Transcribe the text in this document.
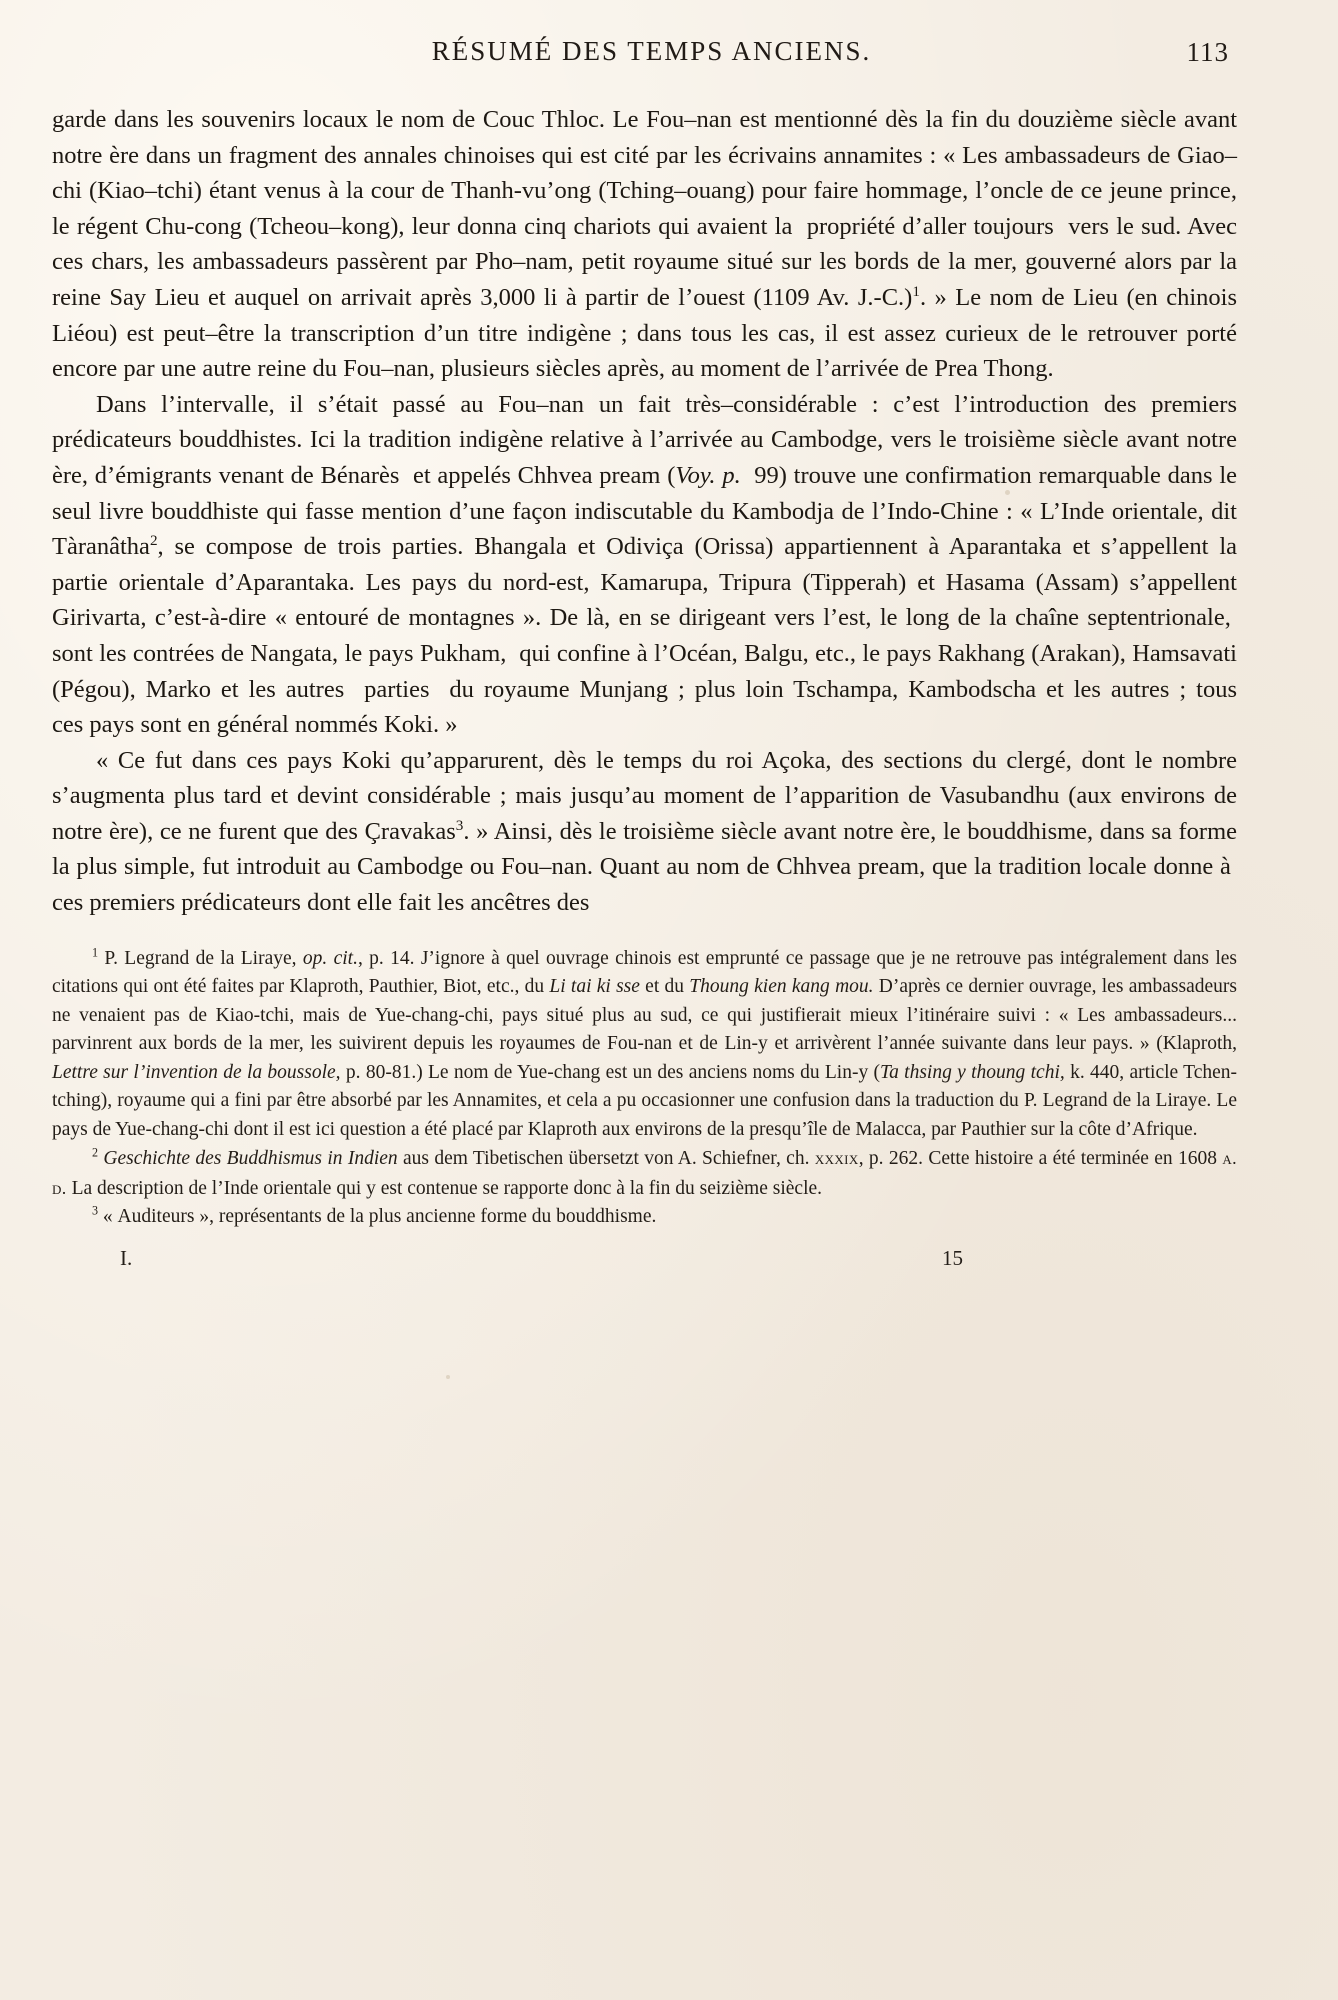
RÉSUMÉ DES TEMPS ANCIENS.	113

garde dans les souvenirs locaux le nom de Couc Thloc. Le Fou–nan est mentionné dès la fin du douzième siècle avant notre ère dans un fragment des annales chinoises qui est cité par les écrivains annamites : « Les ambassadeurs de Giao–chi (Kiao–tchi) étant venus à la cour de Thanh-vu’ong (Tching–ouang) pour faire hommage, l’oncle de ce jeune prince, le régent Chu-cong (Tcheou–kong), leur donna cinq chariots qui avaient la  propriété d’aller toujours  vers le sud. Avec ces chars, les ambassadeurs passèrent par Pho–nam, petit royaume situé sur les bords de la mer, gouverné alors par la reine Say Lieu et auquel on arrivait après 3,000 li à partir de l’ouest (1109 Av. J.-C.)$^1$. » Le nom de Lieu (en chinois Liéou) est peut–être la transcription d’un titre indigène ; dans tous les cas, il est assez curieux de le retrouver porté encore par une autre reine du Fou–nan, plusieurs siècles après, au moment de l’arrivée de Prea Thong.

Dans l’intervalle, il s’était passé au Fou–nan un fait très–considérable : c’est l’introduction des premiers prédicateurs bouddhistes. Ici la tradition indigène relative à l’arrivée au Cambodge, vers le troisième siècle avant notre ère, d’émigrants venant de Bénarès  et appelés Chhvea pream (Voy. p.  99) trouve une confirmation remarquable dans le seul livre bouddhiste qui fasse mention d’une façon indiscutable du Kambodja de l’Indo-Chine : « L’Inde orientale, dit Tàranâtha$^2$, se compose de trois parties. Bhangala et Odiviça (Orissa) appartiennent à Aparantaka et s’appellent la partie orientale d’Aparantaka. Les pays du nord-est, Kamarupa, Tripura (Tipperah) et Hasama (Assam) s’appellent Girivarta, c’est-à-dire « entouré de montagnes ». De là, en se dirigeant vers l’est, le long de la chaîne septentrionale,  sont les contrées de Nangata, le pays Pukham,  qui confine à l’Océan, Balgu, etc., le pays Rakhang (Arakan), Hamsavati (Pégou), Marko et les autres  parties  du royaume Munjang ; plus loin Tschampa, Kambodscha et les autres ; tous ces pays sont en général nommés Koki. »

« Ce fut dans ces pays Koki qu’apparurent, dès le temps du roi Açoka, des sections du clergé, dont le nombre s’augmenta plus tard et devint considérable ; mais jusqu’au moment de l’apparition de Vasubandhu (aux environs de notre ère), ce ne furent que des Çravakas$^3$. » Ainsi, dès le troisième siècle avant notre ère, le bouddhisme, dans sa forme la plus simple, fut introduit au Cambodge ou Fou–nan. Quant au nom de Chhvea pream, que la tradition locale donne à  ces premiers prédicateurs dont elle fait les ancêtres des

$^1$ P. Legrand de la Liraye, op. cit., p. 14. J’ignore à quel ouvrage chinois est emprunté ce passage que je ne retrouve pas intégralement dans les citations qui ont été faites par Klaproth, Pauthier, Biot, etc., du Li tai ki sse et du Thoung kien kang mou. D’après ce dernier ouvrage, les ambassadeurs ne venaient pas de Kiao-tchi, mais de Yue-chang-chi, pays situé plus au sud, ce qui justifierait mieux l’itinéraire suivi : « Les ambassadeurs... parvinrent aux bords de la mer, les suivirent depuis les royaumes de Fou-nan et de Lin-y et arrivèrent l’année suivante dans leur pays. » (Klaproth, Lettre sur l’invention de la boussole, p. 80-81.) Le nom de Yue-chang est un des anciens noms du Lin-y (Ta thsing y thoung tchi, k. 440, article Tchen-tching), royaume qui a fini par être absorbé par les Annamites, et cela a pu occasionner une confusion dans la traduction du P. Legrand de la Liraye. Le pays de Yue-chang-chi dont il est ici question a été placé par Klaproth aux environs de la presqu’île de Malacca, par Pauthier sur la côte d’Afrique.

$^2$ Geschichte des Buddhismus in Indien aus dem Tibetischen übersetzt von A. Schiefner, ch. xxxix, p. 262. Cette histoire a été terminée en 1608 a. d. La description de l’Inde orientale qui y est contenue se rapporte donc à la fin du seizième siècle.

$^3$ « Auditeurs », représentants de la plus ancienne forme du bouddhisme.

I.	15
